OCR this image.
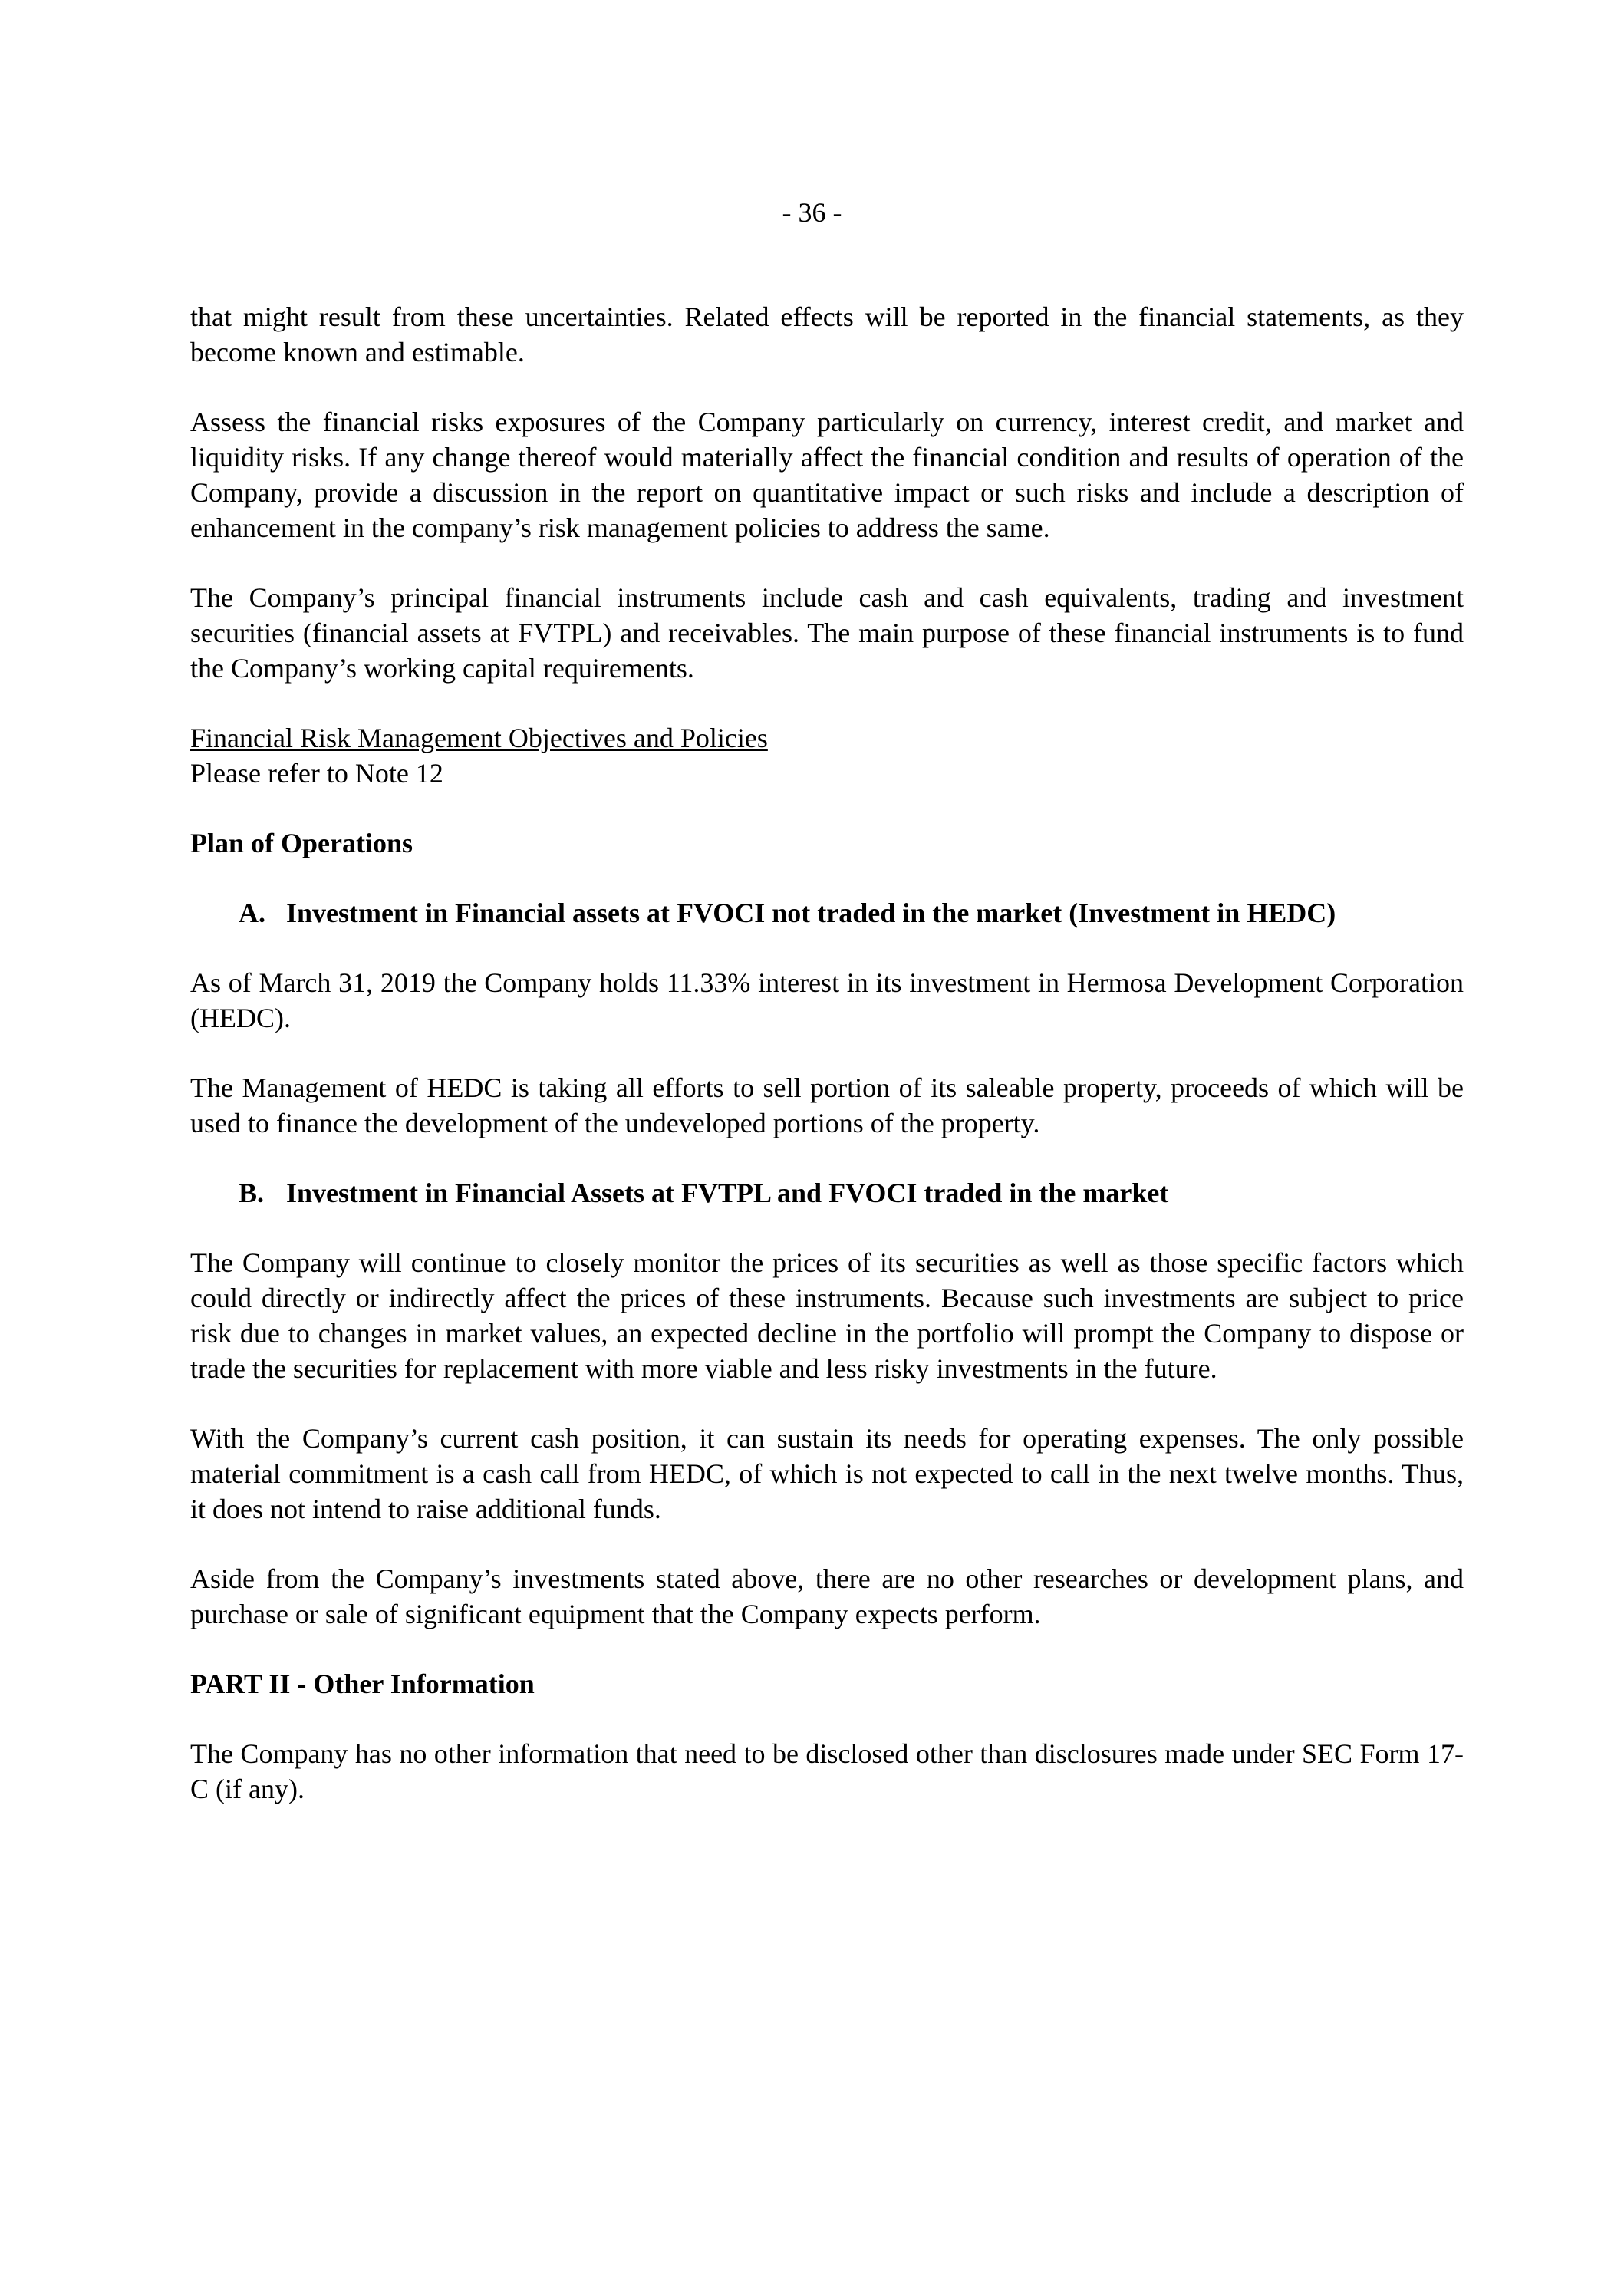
- 36 -

that might result from these uncertainties. Related effects will be reported in the financial statements, as they become known and estimable.

Assess the financial risks exposures of the Company particularly on currency, interest credit, and market and liquidity risks. If any change thereof would materially affect the financial condition and results of operation of the Company, provide a discussion in the report on quantitative impact or such risks and include a description of enhancement in the company’s risk management policies to address the same.

The Company’s principal financial instruments include cash and cash equivalents, trading and investment securities (financial assets at FVTPL) and receivables. The main purpose of these financial instruments is to fund the Company’s working capital requirements.

Financial Risk Management Objectives and Policies
Please refer to Note 12
Plan of Operations
A. Investment in Financial assets at FVOCI not traded in the market (Investment in HEDC)

As of March 31, 2019 the Company holds 11.33% interest in its investment in Hermosa Development Corporation (HEDC).

The Management of HEDC is taking all efforts to sell portion of its saleable property, proceeds of which will be used to finance the development of the undeveloped portions of the property.

B. Investment in Financial Assets at FVTPL and FVOCI traded in the market

The Company will continue to closely monitor the prices of its securities as well as those specific factors which could directly or indirectly affect the prices of these instruments. Because such investments are subject to price risk due to changes in market values, an expected decline in the portfolio will prompt the Company to dispose or trade the securities for replacement with more viable and less risky investments in the future.

With the Company’s current cash position, it can sustain its needs for operating expenses. The only possible material commitment is a cash call from HEDC, of which is not expected to call in the next twelve months. Thus, it does not intend to raise additional funds.

Aside from the Company’s investments stated above, there are no other researches or development plans, and purchase or sale of significant equipment that the Company expects perform.

PART II - Other Information

The Company has no other information that need to be disclosed other than disclosures made under SEC Form 17-C (if any).
